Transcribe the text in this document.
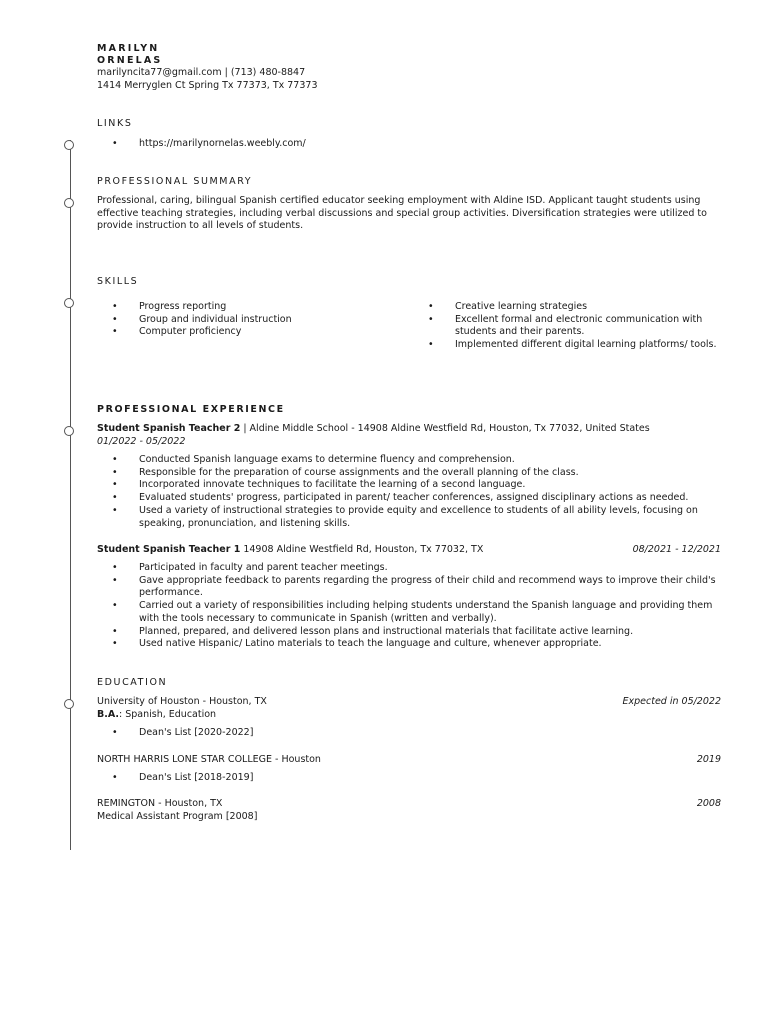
MARILYN
ORNELAS
marilyncita77@gmail.com | (713) 480-8847
1414 Merryglen Ct Spring Tx 77373, Tx 77373
LINKS
• https://marilynornelas.weebly.com/
PROFESSIONAL SUMMARY
Professional, caring, bilingual Spanish certified educator seeking employment with Aldine ISD. Applicant taught students using effective teaching strategies, including verbal discussions and special group activities. Diversification strategies were utilized to provide instruction to all levels of students.
SKILLS
• Progress reporting
• Group and individual instruction
• Computer proficiency
• Creative learning strategies
• Excellent formal and electronic communication with students and their parents.
• Implemented different digital learning platforms/ tools.
PROFESSIONAL EXPERIENCE
Student Spanish Teacher 2 | Aldine Middle School - 14908 Aldine Westfield Rd, Houston, Tx 77032, United States
01/2022 - 05/2022
• Conducted Spanish language exams to determine fluency and comprehension.
• Responsible for the preparation of course assignments and the overall planning of the class.
• Incorporated innovate techniques to facilitate the learning of a second language.
• Evaluated students' progress, participated in parent/ teacher conferences, assigned disciplinary actions as needed.
• Used a variety of instructional strategies to provide equity and excellence to students of all ability levels, focusing on speaking, pronunciation, and listening skills.
Student Spanish Teacher 1 14908 Aldine Westfield Rd, Houston, Tx 77032, TX	08/2021 - 12/2021
• Participated in faculty and parent teacher meetings.
• Gave appropriate feedback to parents regarding the progress of their child and recommend ways to improve their child's performance.
• Carried out a variety of responsibilities including helping students understand the Spanish language and providing them with the tools necessary to communicate in Spanish (written and verbally).
• Planned, prepared, and delivered lesson plans and instructional materials that facilitate active learning.
• Used native Hispanic/ Latino materials to teach the language and culture, whenever appropriate.
EDUCATION
University of Houston - Houston, TX	Expected in 05/2022
B.A.: Spanish, Education
• Dean's List [2020-2022]
NORTH HARRIS LONE STAR COLLEGE - Houston	2019
• Dean's List [2018-2019]
REMINGTON - Houston, TX	2008
Medical Assistant Program [2008]
